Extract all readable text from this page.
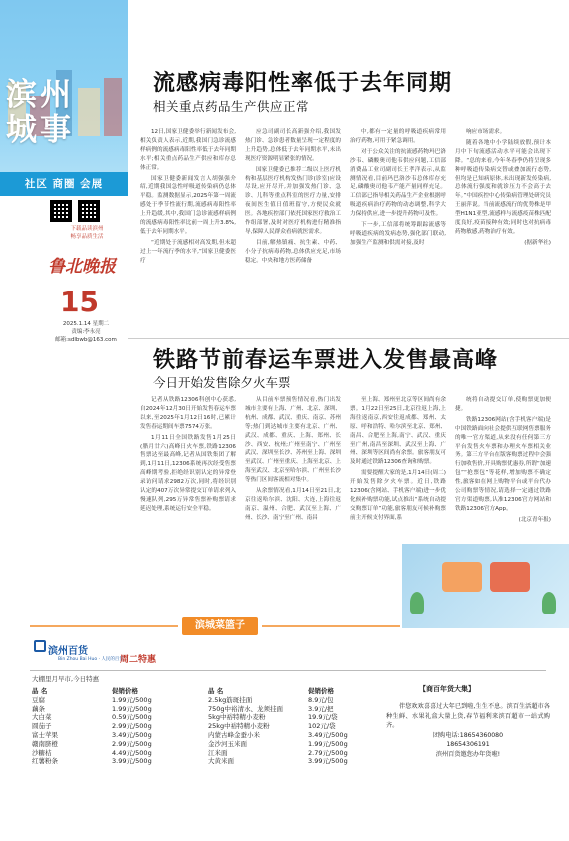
滨州
城事
社区 商圈 会展
下载品读滨州
畅享品质生活
鲁北晚报
15
2025.1.14 星期二
责编:李永亮
邮箱:sdlbwb@163.com
流感病毒阳性率低于去年同期
相关重点药品生产供应正常

12日,国家卫健委举行新闻发布会,相关负责人表示,近期,我国门急诊流感样病例的流感病毒阳性率低于去年同期水平;相关重点药品生产供应和库存总体正常。

国家卫健委新闻发言人胡强强介绍,近期我国急性呼吸道传染病仍总体平稳。监测数据显示,2025年第一周流感处于季节性流行期,流感病毒阳性率上升趋缓,其中,我国门急诊流感样病例的流感病毒阳性率比前一周上升3.8%,低于去年同期水平。

“近期处于流感相对高发期,但未超过上一年流行季的水平,”国家卫健委医疗

应急司副司长高新强介绍,我国发热门诊、急诊患者数量呈现一定程度的上升趋势,总体低于去年同期水平,未出现医疗资源明显紧张的情况。

国家卫健委已推荐二级以上医疗机构和基层医疗机构发热门诊(诊室)应设尽设,应开尽开,并加强发热门诊、急诊、儿科等重点科室的医疗力量,安排夜间医生值日值班留守,方便民众就医。各地疾控部门依托国家医疗救治工作组部署,及时对医疗机构进行精准指导,保障人民群众看病就医需求。

目前,解热镇痛、抗生素、中药、小分子抗病毒药物,总体供应充足,市场稳定。中央和地方医药储备

中,都有一定量的呼吸道疾病常用治疗药物,可用于紧急调用。

对于公众关注的抗流感药物玛巴洛沙韦、磷酸奥司他韦供应问题,工信部消费品工业司副司长王孝洋表示,从监测情况看,目前玛巴洛沙韦总体库存充足,磷酸奥司他韦产能产量同样充足。工信部已指导相关药品生产企业根据呼吸道疾病治疗药物的动态调整,科学大力保持供应,进一步提升药物可及性。

下一步,工信部将统筹跟踪流感等呼吸道疾病的发病态势,强化部门联动,加强生产监测和供需对接,及时

响应市场需求。

随着各地中小学陆续放假,预计本月中下旬流感活动水平可能会出现下降。“总的来看,今年冬春季仍将呈现多种呼吸道传染病交替或叠加流行态势,但均是已知病原体,未出现新发传染病,总体流行强度和就诊压力不会高于去年。”中国疾控中心传染病管理处研究员王丽萍说。当前流感流行的优势株是甲型H1N1亚型,流感样与流感疫苗株匹配度良好,疫苗接种有效;同时也对抗病毒药物敏感,药物治疗有效。

(据新华社)

铁路节前春运车票进入发售最高峰
今日开始发售除夕火车票

记者从铁路12306科创中心获悉,自2024年12月30日开始发售春运车票以来,至2025年1月12日16时,已累计发售春运期间车票7574万张。

1月11日全国铁路发售1月25日(腊月廿六)高峰日火车票,铁路12306售票达至最高峰,记者从国铁集团了解到,1月11日,12306系统再次经受售票高峰期考验,拒绝经识别认定的异常登录访问请求2982万次,同时,将经识别认定的407万次异常提交订单请求列入慢速队列,295万异常售票补购票请求延迟处理,系统运行安全平稳。

从目前车票预售情况看,热门出发城市主要有上海、广州、北京、深圳、杭州、成都、武汉、重庆、南京、苏州等;热门到达城市主要有北京、广州、武汉、成都、重庆、上海、郑州、长沙、西安、杭州;广州至南宁、广州至武汉、深圳至长沙、苏州至上海、深圳至武汉、广州至重庆、上海至北京、上海至武汉、北京至哈尔滨、广州至长沙等热门区间客流相对集中。

从余票情况看,1月14日至21日,北京往返哈尔滨、沈阳、大连,上海往返南京、温州、合肥、武汉至上海、广州、长沙、南宁至广州、南昌

至上海、郑州至北京等区间尚有余票。1月22日至25日,北京往返上海,上海往返南京,西安往返成都、郑州、太原、呼和浩特、哈尔滨至北京、郑州、南昌、合肥至上海,南宁、武汉、重庆至广州,南昌至深圳、武汉至上海、广州、深圳等区间尚有余票。旅客朋友可及时通过铁路12306查询和购票。

需要提醒大家的是,1月14日(周二)开始发售除夕火车票。近日,铁路12306(含网站、手机客户端)进一步优化候补购票功能,试点推出“系统自动提交购票订单”功能,旅客朋友可候补购票前主开候支付界面,系

统将自动提交订单,使购票更加便捷。

铁路12306网站(含手机客户端)是中国铁路面向社会提供互联网售票服务的唯一官方渠道,从来没有任何第三方平台发售火车票和办理火车票相关业务。第三方平台在版客购票过程中会强行加收售价,开具购票优惠券,所谓“加速包”“抢票包”等花样,增加购票不确定性,旅客如在网上购物平台或平台代办公司购票等情况,请选择一定通过铁路官方渠道购票,认准12306官方网站和铁路12306官方App。

(北京青年报)

滨城菜篮子
滨州百货
Bin Zhou Bai Huo · 人民的百货
周二特惠
大棚里月早市,今日特惠
品 名	促销价格
豆腐	1.99元/500g
藕条	1.99元/500g
大白菜	0.59元/500g
圆茄子	2.99元/500g
富士苹果	3.49元/500g
赣南脐橙	2.99元/500g
沙糖桔	4.49元/500g
红薯粉条	3.99元/500g
品 名	促销价格
2.5kg筋斑挂面	8.9元/包
750g中裕清水、龙须挂面	3.9元/把
5kg中裕特精小麦粉	19.9元/袋
25kg中裕特精小麦粉	102元/袋
内蒙古峰金蚕小米	3.49元/500g
金沙河玉米面	1.99元/500g
江米面	2.79元/500g
大黄米面	3.99元/500g
【商百年货大集】

伴您欢欢喜喜过大年已到啦,生生不息。滨百生活超市各种生鲜、水果礼盒大量上货,春节福利来滨百超市一站式购齐。

团购电话:18654360080

18654306191

滨州百货邀您办年货啦!
